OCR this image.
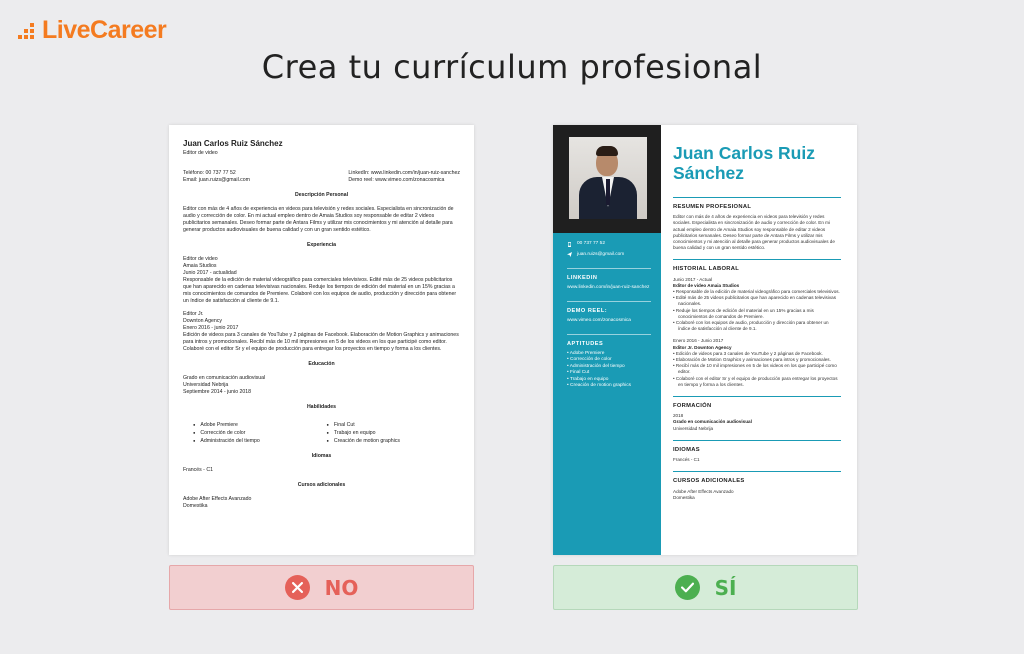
LiveCareer
Crea tu currículum profesional
Juan Carlos Ruiz Sánchez
Editor de video
Teléfono: 00 737 77 52
Email: juan.ruizs@gmail.com
LinkedIn: www.linkedin.com/in/juan-ruiz-sanchez
Demo reel: www.vimeo.com/zonacosmica
Descripción Personal
Editor con más de 4 años de experiencia en videos para televisión y redes sociales. Especialista en sincronización de audio y corrección de color. En mi actual empleo dentro de Amaia Studios soy responsable de editar 2 videos publicitarios semanales. Deseo formar parte de Antara Films y utilizar mis conocimientos y mi atención al detalle para generar productos audiovisuales de buena calidad y con un gran sentido estético.
Experiencia
Editor de video
Amaia Studios
Junio 2017 - actualidad
Responsable de la edición de material videográfico para comerciales televisivos. Edité más de 25 videos publicitarios que han aparecido en cadenas televisivas nacionales. Reduje los tiempos de edición del material en un 15% gracias a mis conocimientos de comandos de Premiere. Colaboré con los equipos de audio, producción y dirección para obtener un índice de satisfacción al cliente de 9.1.
Editor Jr.
Downton Agency
Enero 2016 - junio 2017
Edición de videos para 3 canales de YouTube y 2 páginas de Facebook. Elaboración de Motion Graphics y animaciones para intros y promocionales. Recibí más de 10 mil impresiones en 5 de los videos en los que participé como editor. Colaboré con el editor Sr y el equipo de producción para entregar los proyectos en tiempo y forma a los clientes.
Educación
Grado en comunicación audiovisual
Universidad Nebrija
Septiembre 2014 - junio 2018
Habilidades
● Adobe Premiere
● Corrección de color
● Administración del tiempo
● Final Cut
● Trabajo en equipo
● Creación de motion graphics
Idiomas
Francés - C1
Cursos adicionales
Adobe After Effects Avanzado
Domestika
00 737 77 52
juan.ruizs@gmail.com
LINKEDIN
www.linkedin.com/in/juan-ruiz-sanchez
DEMO REEL:
www.vimeo.com/zonacosmica
APTITUDES
• Adobe Premiere
• Corrección de color
• Administración del tiempo
• Final Cut
• Trabajo en equipo
• Creación de motion graphics
Juan Carlos Ruiz Sánchez
RESUMEN PROFESIONAL
Editor con más de 4 años de experiencia en videos para televisión y redes sociales. Especialista en sincronización de audio y corrección de color. En mi actual empleo dentro de Amaia Studios soy responsable de editar 2 videos publicitarios semanales. Deseo formar parte de Antara Films y utilizar mis conocimientos y mi atención al detalle para generar productos audiovisuales de buena calidad y con un gran sentido estético.
HISTORIAL LABORAL
Junio 2017 - Actual
Editor de video Amaia Studios
• Responsable de la edición de material videográfico para comerciales televisivos.
• Edité más de 25 videos publicitarios que han aparecido en cadenas televisivas nacionales.
• Reduje los tiempos de edición del material en un 15% gracias a mis conocimientos de comandos de Premiere.
• Colaboré con los equipos de audio, producción y dirección para obtener un índice de satisfacción al cliente de 9.1.
Enero 2016 - Junio 2017
Editor Jr. Downton Agency
• Edición de videos para 3 canales de YouTube y 2 páginas de Facebook.
• Elaboración de Motion Graphics y animaciones para intros y promocionales.
• Recibí más de 10 mil impresiones en 5 de los videos en los que participé como editor.
• Colaboré con el editor Sr y el equipo de producción para entregar los proyectos en tiempo y forma a los clientes.
FORMACIÓN
2018
Grado en comunicación audiovisual
Universidad Nebrija
IDIOMAS
Francés - C1
CURSOS ADICIONALES
Adobe After Effects Avanzado
Domestika
NO	SÍ
